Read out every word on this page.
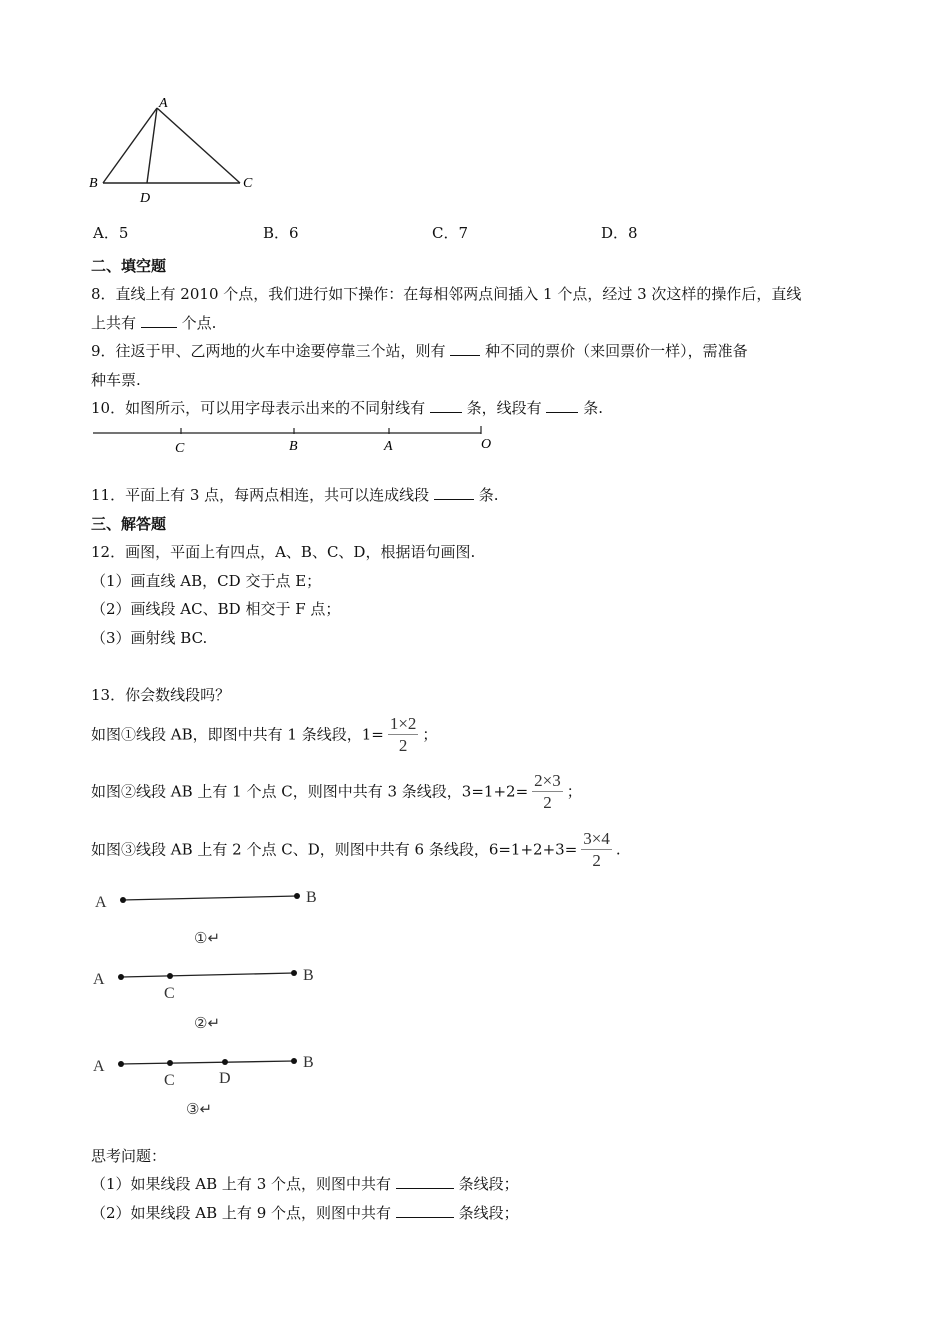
A
B	C
D
A．5	B．6	C．7	D．8
二、填空题
8．直线上有 2010 个点，我们进行如下操作：在每相邻两点间插入 1 个点，经过 3 次这样的操作后，直线
上共有	个点.
9．往返于甲、乙两地的火车中途要停靠三个站，则有	种不同的票价（来回票价一样），需准备
种车票.
10．如图所示，可以用字母表示出来的不同射线有	条，线段有	条.
C	B	A	O
11．平面上有 3 点，每两点相连，共可以连成线段	条.
三、解答题
12．画图，平面上有四点，A、B、C、D，根据语句画图.
（1）画直线 AB，CD 交于点 E；
（2）画线段 AC、BD 相交于 F 点；
（3）画射线 BC.
13．你会数线段吗？
如图①线段 AB，即图中共有 1 条线段，$1= \frac{1\times 2}{2}$ ；
如图②线段 AB 上有 1 个点 C，则图中共有 3 条线段，$3=1+2= \frac{2\times 3}{2}$ ；
如图③线段 AB 上有 2 个点 C、D，则图中共有 6 条线段，$6=1+2+3= \frac{3\times 4}{2}$ .
A	B
①↵
A
C
B
②↵
A
C	D
B
③↵
思考问题：
（1）如果线段 AB 上有 3 个点，则图中共有	条线段；
（2）如果线段 AB 上有 9 个点，则图中共有	条线段；
